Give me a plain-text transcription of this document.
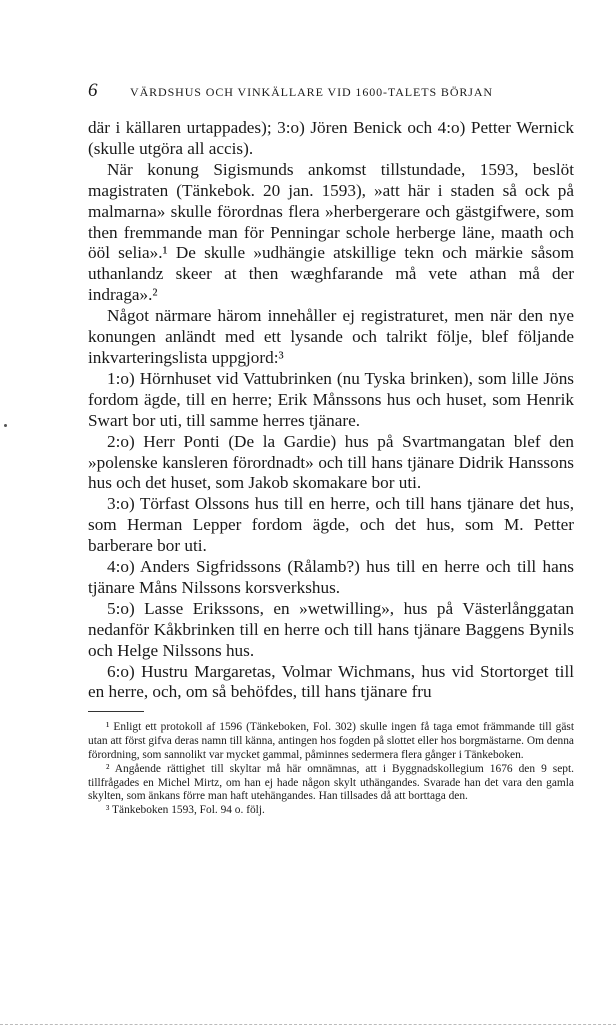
6	VÄRDSHUS OCH VINKÄLLARE VID 1600-TALETS BÖRJAN

där i källaren urtappades); 3:o) Jören Benick och 4:o) Petter Wernick (skulle utgöra all accis).

När konung Sigismunds ankomst tillstundade, 1593, beslöt magistraten (Tänkebok. 20 jan. 1593), »att här i staden så ock på malmarna» skulle förordnas flera »herbergerare och gästgifwere, som then fremmande man för Penningar schole herberge läne, maath och ööl selia».¹ De skulle »udhängie atskillige tekn och märkie såsom uthanlandz skeer at then wæghfarande må vete athan må der indraga».²

Något närmare härom innehåller ej registraturet, men när den nye konungen anländt med ett lysande och talrikt följe, blef följande inkvarteringslista uppgjord:³

1:o) Hörnhuset vid Vattubrinken (nu Tyska brinken), som lille Jöns fordom ägde, till en herre; Erik Månssons hus och huset, som Henrik Swart bor uti, till samme herres tjänare.

2:o) Herr Ponti (De la Gardie) hus på Svartmangatan blef den »polenske kansleren förordnadt» och till hans tjänare Didrik Hanssons hus och det huset, som Jakob skomakare bor uti.

3:o) Törfast Olssons hus till en herre, och till hans tjänare det hus, som Herman Lepper fordom ägde, och det hus, som M. Petter barberare bor uti.

4:o) Anders Sigfridssons (Rålamb?) hus till en herre och till hans tjänare Måns Nilssons korsverkshus.

5:o) Lasse Erikssons, en »wetwilling», hus på Västerlånggatan nedanför Kåkbrinken till en herre och till hans tjänare Baggens Bynils och Helge Nilssons hus.

6:o) Hustru Margaretas, Volmar Wichmans, hus vid Stortorget till en herre, och, om så behöfdes, till hans tjänare fru

¹ Enligt ett protokoll af 1596 (Tänkeboken, Fol. 302) skulle ingen få taga emot främmande till gäst utan att först gifva deras namn till känna, antingen hos fogden på slottet eller hos borgmästarne. Om denna förordning, som sannolikt var mycket gammal, påminnes sedermera flera gånger i Tänkeboken.

² Angående rättighet till skyltar må här omnämnas, att i Byggnadskollegium 1676 den 9 sept. tillfrågades en Michel Mirtz, om han ej hade någon skylt uthängandes. Svarade han det vara den gamla skylten, som änkans förre man haft utehängandes. Han tillsades då att borttaga den.

³ Tänkeboken 1593, Fol. 94 o. följ.
